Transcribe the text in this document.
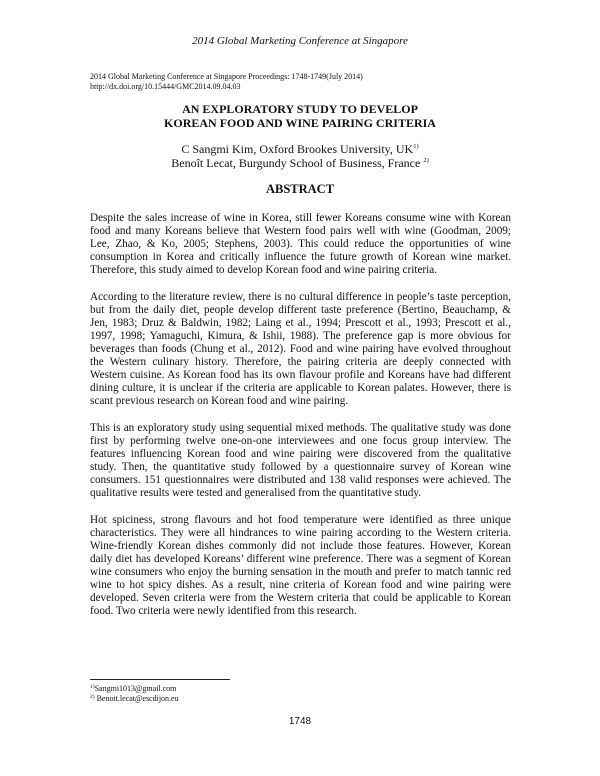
2014 Global Marketing Conference at Singapore
2014 Global Marketing Conference at Singapore Proceedings: 1748-1749(July 2014)
http://dx.doi.org/10.15444/GMC2014.09.04.03
AN EXPLORATORY STUDY TO DEVELOP
KOREAN FOOD AND WINE PAIRING CRITERIA
C Sangmi Kim, Oxford Brookes University, UK$^{1)}$
Benoît Lecat, Burgundy School of Business, France $^{2)}$
ABSTRACT

Despite the sales increase of wine in Korea, still fewer Koreans consume wine with Korean food and many Koreans believe that Western food pairs well with wine (Goodman, 2009; Lee, Zhao, & Ko, 2005; Stephens, 2003). This could reduce the opportunities of wine consumption in Korea and critically influence the future growth of Korean wine market. Therefore, this study aimed to develop Korean food and wine pairing criteria.

According to the literature review, there is no cultural difference in people’s taste perception, but from the daily diet, people develop different taste preference (Bertino, Beauchamp, & Jen, 1983; Druz & Baldwin, 1982; Laing et al., 1994; Prescott et al., 1993; Prescott et al., 1997, 1998; Yamaguchi, Kimura, & Ishii, 1988). The preference gap is more obvious for beverages than foods (Chung et al., 2012). Food and wine pairing have evolved throughout the Western culinary history. Therefore, the pairing criteria are deeply connected with Western cuisine. As Korean food has its own flavour profile and Koreans have had different dining culture, it is unclear if the criteria are applicable to Korean palates. However, there is scant previous research on Korean food and wine pairing.

This is an exploratory study using sequential mixed methods. The qualitative study was done first by performing twelve one-on-one interviewees and one focus group interview. The features influencing Korean food and wine pairing were discovered from the qualitative study. Then, the quantitative study followed by a questionnaire survey of Korean wine consumers. 151 questionnaires were distributed and 138 valid responses were achieved. The qualitative results were tested and generalised from the quantitative study.

Hot spiciness, strong flavours and hot food temperature were identified as three unique characteristics. They were all hindrances to wine pairing according to the Western criteria. Wine-friendly Korean dishes commonly did not include those features. However, Korean daily diet has developed Koreans’ different wine preference. There was a segment of Korean wine consumers who enjoy the burning sensation in the mouth and prefer to match tannic red wine to hot spicy dishes. As a result, nine criteria of Korean food and wine pairing were developed. Seven criteria were from the Western criteria that could be applicable to Korean food. Two criteria were newly identified from this research.

$^{1)}$Sangmi1013@gmail.com
$^{2)}$ Benoit.lecat@escdijon.eu
1748
